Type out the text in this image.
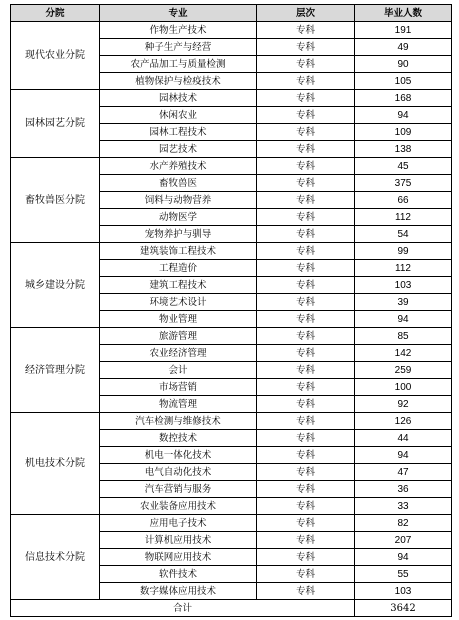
分院	专业	层次	毕业人数
现代农业分院	作物生产技术	专科	191
	种子生产与经营	专科	49
	农产品加工与质量检测	专科	90
	植物保护与检疫技术	专科	105
园林园艺分院	园林技术	专科	168
	休闲农业	专科	94
	园林工程技术	专科	109
	园艺技术	专科	138
畜牧兽医分院	水产养殖技术	专科	45
	畜牧兽医	专科	375
	饲料与动物营养	专科	66
	动物医学	专科	112
	宠物养护与驯导	专科	54
城乡建设分院	建筑装饰工程技术	专科	99
	工程造价	专科	112
	建筑工程技术	专科	103
	环境艺术设计	专科	39
	物业管理	专科	94
经济管理分院	旅游管理	专科	85
	农业经济管理	专科	142
	会计	专科	259
	市场营销	专科	100
	物流管理	专科	92
机电技术分院	汽车检测与维修技术	专科	126
	数控技术	专科	44
	机电一体化技术	专科	94
	电气自动化技术	专科	47
	汽车营销与服务	专科	36
	农业装备应用技术	专科	33
信息技术分院	应用电子技术	专科	82
	计算机应用技术	专科	207
	物联网应用技术	专科	94
	软件技术	专科	55
	数字媒体应用技术	专科	103
合计			3642
